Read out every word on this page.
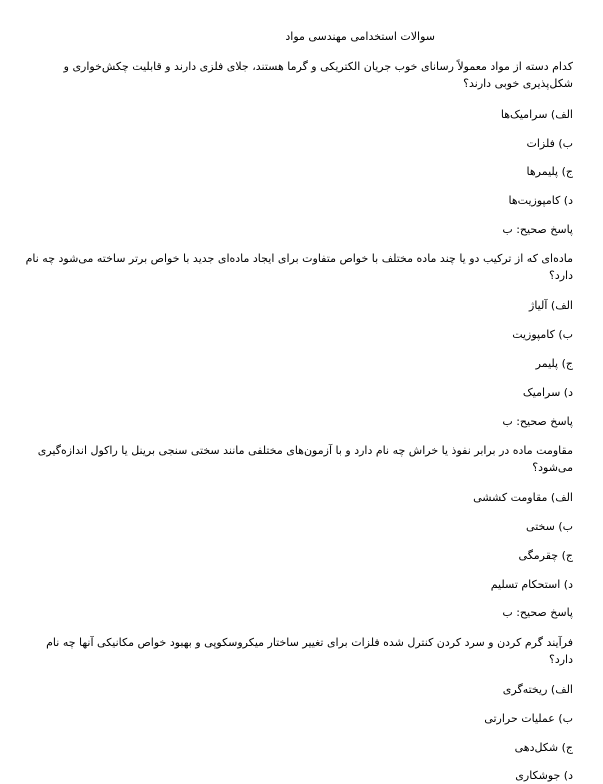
سوالات استخدامی مهندسی مواد
کدام دسته از مواد معمولاً رسانای خوب جریان الکتریکی و گرما هستند، جلای فلزی دارند و قابلیت چکش‌خواری و شکل‌پذیری خوبی دارند؟
الف) سرامیک‌ها
ب) فلزات
ج) پلیمرها
د) کامپوزیت‌ها
پاسخ صحیح: ب
ماده‌ای که از ترکیب دو یا چند ماده مختلف با خواص متفاوت برای ایجاد ماده‌ای جدید با خواص برتر ساخته می‌شود چه نام دارد؟
الف) آلیاژ
ب) کامپوزیت
ج) پلیمر
د) سرامیک
پاسخ صحیح: ب
مقاومت ماده در برابر نفوذ یا خراش چه نام دارد و با آزمون‌های مختلفی مانند سختی سنجی برینل یا راکول اندازه‌گیری می‌شود؟
الف) مقاومت کششی
ب) سختی
ج) چقرمگی
د) استحکام تسلیم
پاسخ صحیح: ب
فرآیند گرم کردن و سرد کردن کنترل شده فلزات برای تغییر ساختار میکروسکوپی و بهبود خواص مکانیکی آنها چه نام دارد؟
الف) ریخته‌گری
ب) عملیات حرارتی
ج) شکل‌دهی
د) جوشکاری
